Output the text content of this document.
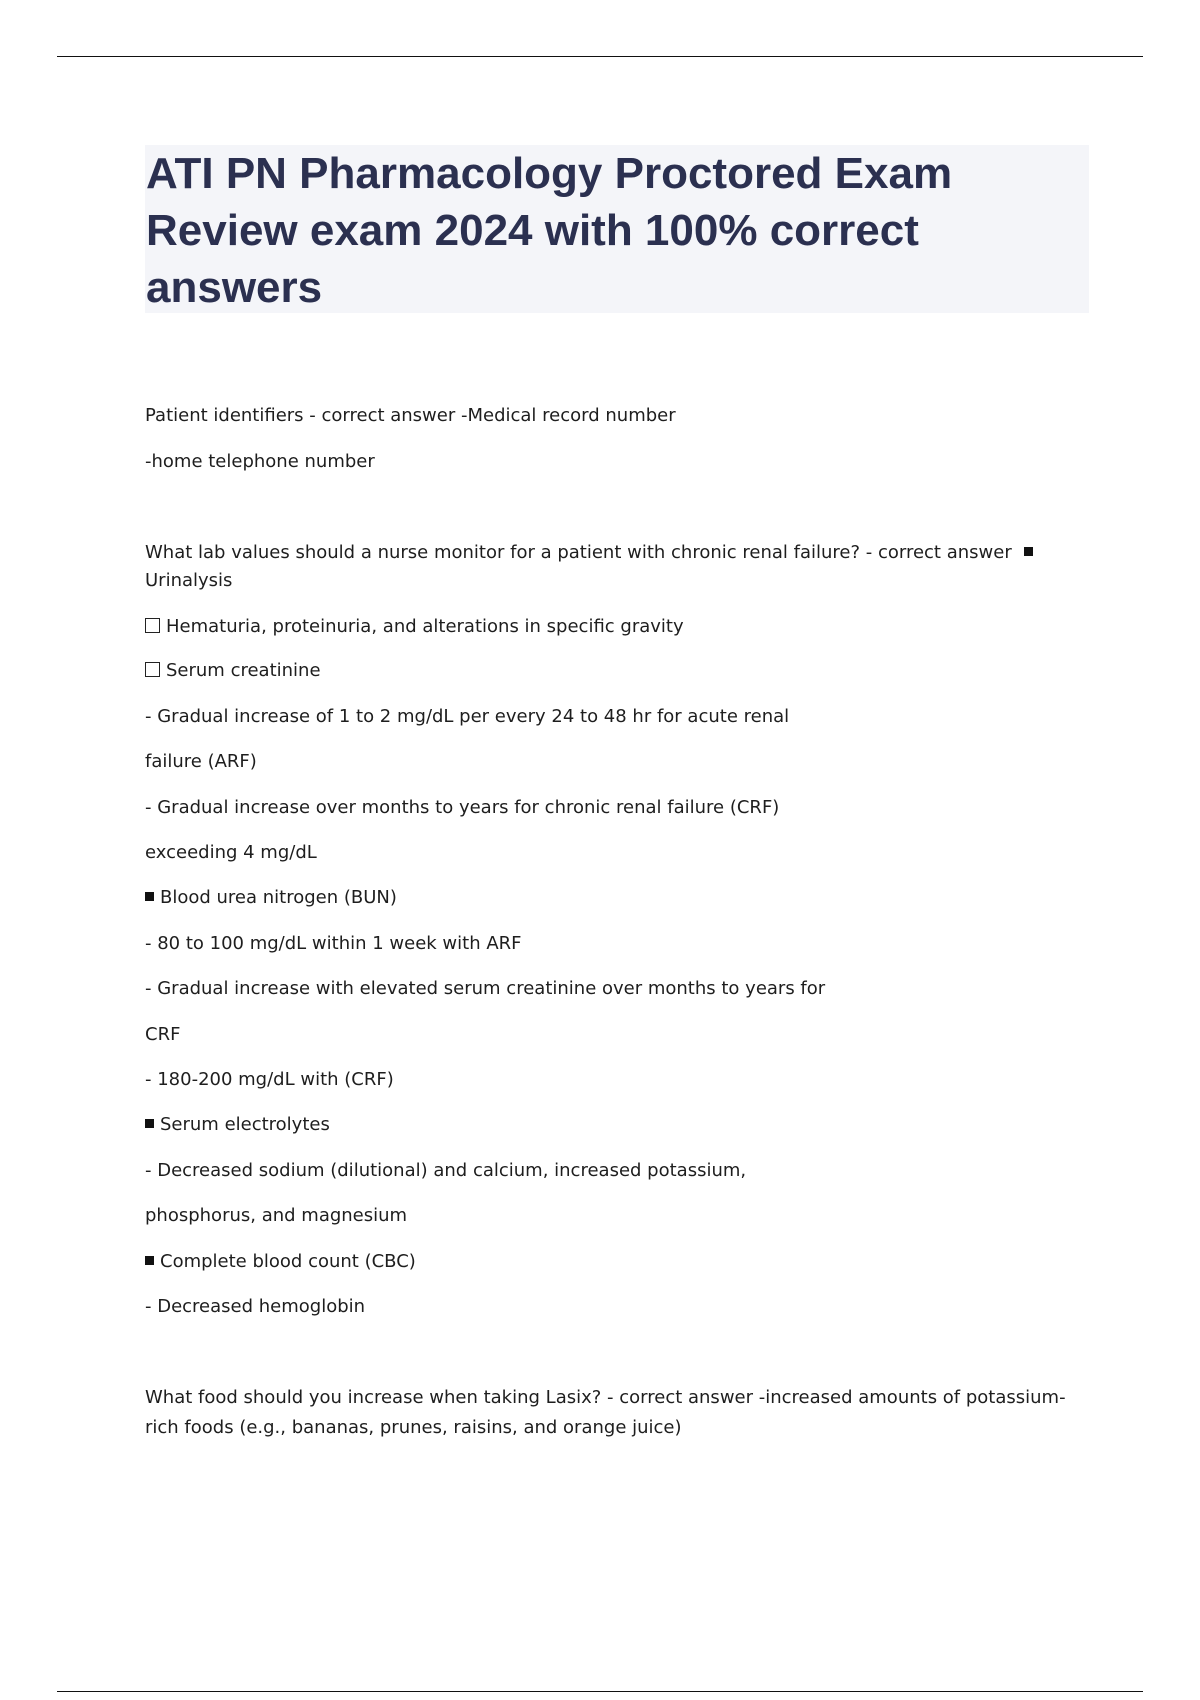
ATI PN Pharmacology Proctored Exam Review exam 2024 with 100% correct answers
Patient identifiers - correct answer -Medical record number
-home telephone number
What lab values should a nurse monitor for a patient with chronic renal failure? - correct answer
Urinalysis
Hematuria, proteinuria, and alterations in specific gravity
Serum creatinine
- Gradual increase of 1 to 2 mg/dL per every 24 to 48 hr for acute renal
failure (ARF)
- Gradual increase over months to years for chronic renal failure (CRF)
exceeding 4 mg/dL
Blood urea nitrogen (BUN)
- 80 to 100 mg/dL within 1 week with ARF
- Gradual increase with elevated serum creatinine over months to years for
CRF
- 180-200 mg/dL with (CRF)
Serum electrolytes
- Decreased sodium (dilutional) and calcium, increased potassium,
phosphorus, and magnesium
Complete blood count (CBC)
- Decreased hemoglobin
What food should you increase when taking Lasix? - correct answer -increased amounts of potassium-rich foods (e.g., bananas, prunes, raisins, and orange juice)
